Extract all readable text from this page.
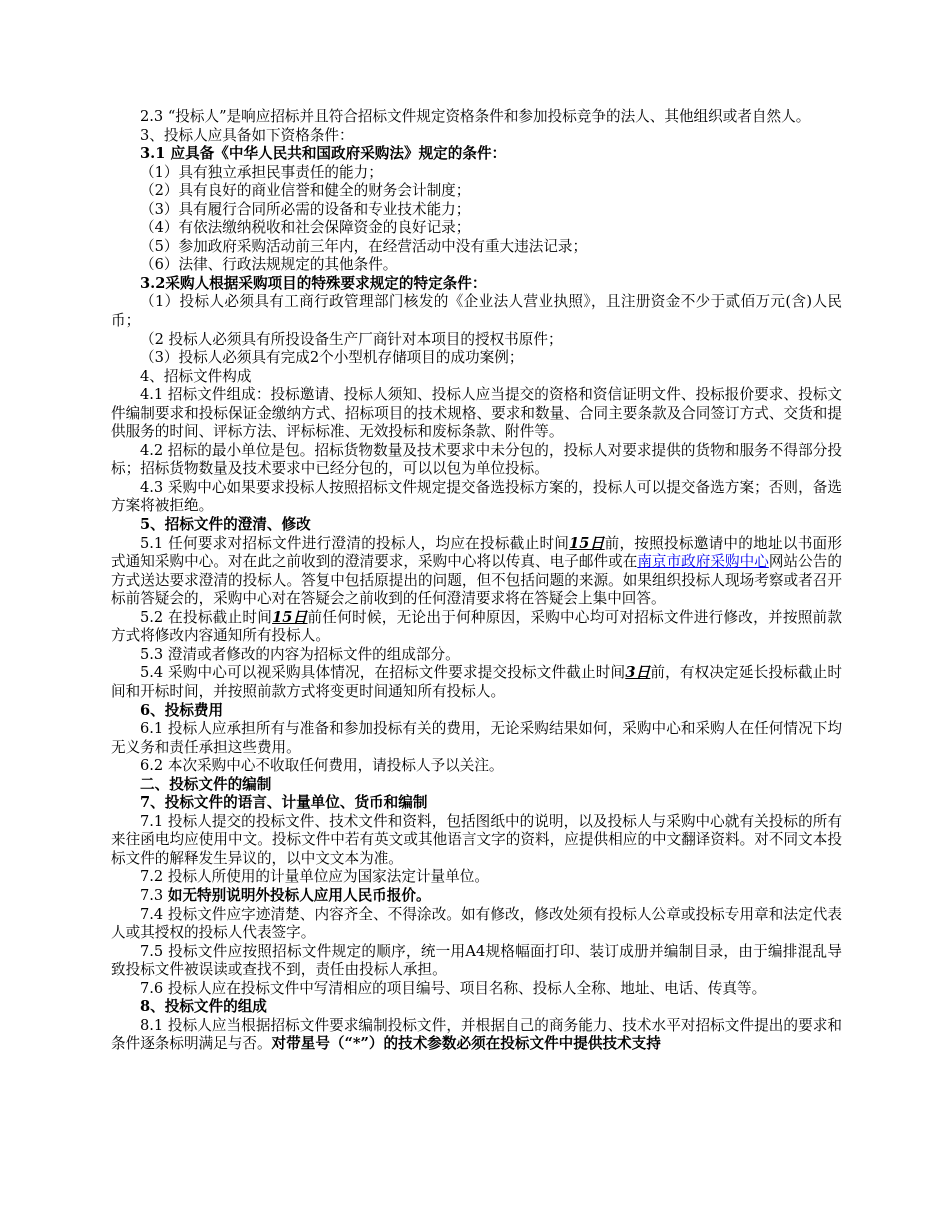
2.3 “投标人”是响应招标并且符合招标文件规定资格条件和参加投标竞争的法人、其他组织或者自然人。

3、投标人应具备如下资格条件：

3.1 应具备《中华人民共和国政府采购法》规定的条件：

（1）具有独立承担民事责任的能力；

（2）具有良好的商业信誉和健全的财务会计制度；

（3）具有履行合同所必需的设备和专业技术能力；

（4）有依法缴纳税收和社会保障资金的良好记录；

（5）参加政府采购活动前三年内，在经营活动中没有重大违法记录；

（6）法律、行政法规规定的其他条件。

3.2采购人根据采购项目的特殊要求规定的特定条件：

（1）投标人必须具有工商行政管理部门核发的《企业法人营业执照》，且注册资金不少于贰佰万元(含)人民币；

（2 投标人必须具有所投设备生产厂商针对本项目的授权书原件；

（3）投标人必须具有完成2个小型机存储项目的成功案例；

4、招标文件构成

4.1 招标文件组成：投标邀请、投标人须知、投标人应当提交的资格和资信证明文件、投标报价要求、投标文件编制要求和投标保证金缴纳方式、招标项目的技术规格、要求和数量、合同主要条款及合同签订方式、交货和提供服务的时间、评标方法、评标标准、无效投标和废标条款、附件等。

4.2 招标的最小单位是包。招标货物数量及技术要求中未分包的，投标人对要求提供的货物和服务不得部分投标；招标货物数量及技术要求中已经分包的，可以以包为单位投标。

4.3 采购中心如果要求投标人按照招标文件规定提交备选投标方案的，投标人可以提交备选方案；否则，备选方案将被拒绝。

5、招标文件的澄清、修改

5.1 任何要求对招标文件进行澄清的投标人，均应在投标截止时间15日前，按照投标邀请中的地址以书面形式通知采购中心。对在此之前收到的澄清要求，采购中心将以传真、电子邮件或在南京市政府采购中心网站公告的方式送达要求澄清的投标人。答复中包括原提出的问题，但不包括问题的来源。如果组织投标人现场考察或者召开标前答疑会的，采购中心对在答疑会之前收到的任何澄清要求将在答疑会上集中回答。

5.2 在投标截止时间15日前任何时候，无论出于何种原因，采购中心均可对招标文件进行修改，并按照前款方式将修改内容通知所有投标人。

5.3 澄清或者修改的内容为招标文件的组成部分。

5.4 采购中心可以视采购具体情况，在招标文件要求提交投标文件截止时间3日前，有权决定延长投标截止时间和开标时间，并按照前款方式将变更时间通知所有投标人。

6、投标费用

6.1 投标人应承担所有与准备和参加投标有关的费用，无论采购结果如何，采购中心和采购人在任何情况下均无义务和责任承担这些费用。

6.2 本次采购中心不收取任何费用，请投标人予以关注。

二、投标文件的编制

7、投标文件的语言、计量单位、货币和编制

7.1 投标人提交的投标文件、技术文件和资料，包括图纸中的说明，以及投标人与采购中心就有关投标的所有来往函电均应使用中文。投标文件中若有英文或其他语言文字的资料，应提供相应的中文翻译资料。对不同文本投标文件的解释发生异议的，以中文文本为准。

7.2 投标人所使用的计量单位应为国家法定计量单位。

7.3 如无特别说明外投标人应用人民币报价。

7.4 投标文件应字迹清楚、内容齐全、不得涂改。如有修改，修改处须有投标人公章或投标专用章和法定代表人或其授权的投标人代表签字。

7.5 投标文件应按照招标文件规定的顺序，统一用A4规格幅面打印、装订成册并编制目录，由于编排混乱导致投标文件被误读或查找不到，责任由投标人承担。

7.6 投标人应在投标文件中写清相应的项目编号、项目名称、投标人全称、地址、电话、传真等。

8、投标文件的组成

8.1 投标人应当根据招标文件要求编制投标文件，并根据自己的商务能力、技术水平对招标文件提出的要求和条件逐条标明满足与否。对带星号（“*”）的技术参数必须在投标文件中提供技术支持
